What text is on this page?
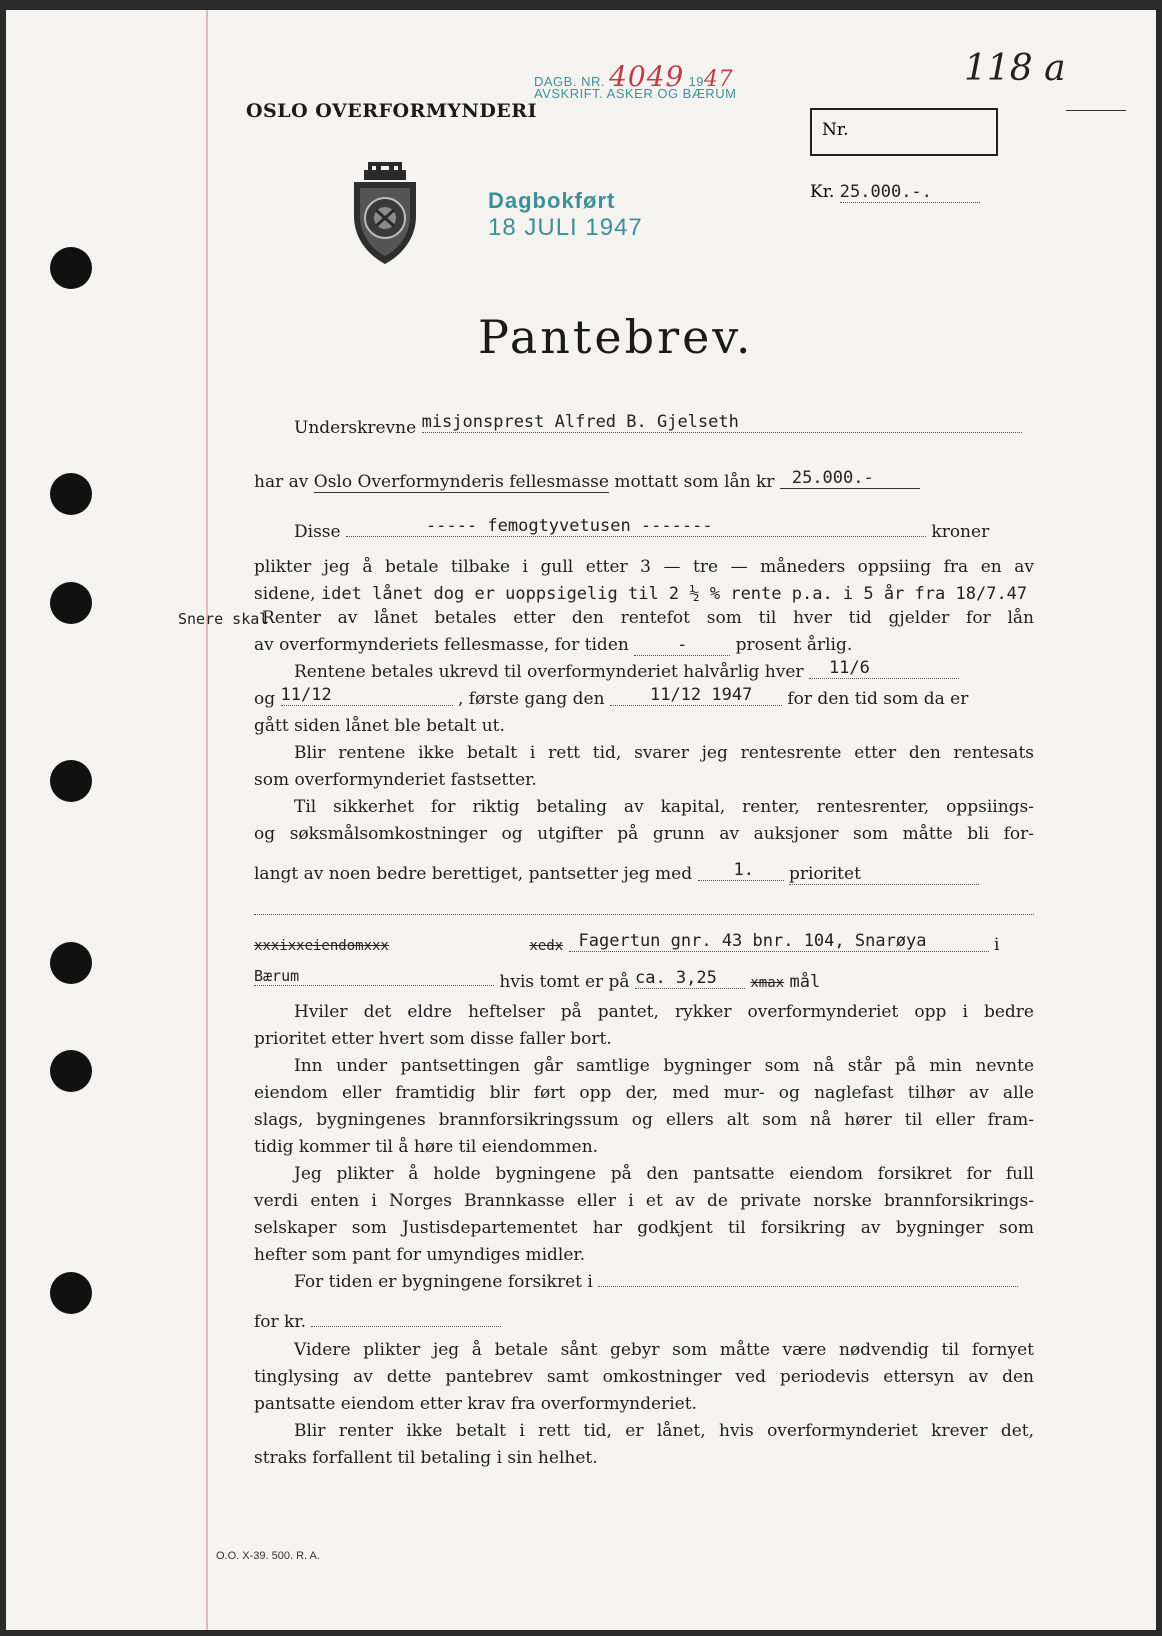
OSLO OVERFORMYNDERI
DAGB. NR. 4049 1947
AVSKRIFT. ASKER OG BÆRUM
118 a
Nr.
Kr. 25.000.-.
Dagbokført
18 JULI 1947
Pantebrev.
Underskrevne misjonsprest Alfred B. Gjelseth
har av Oslo Overformynderis fellesmasse mottatt som lån kr 25.000.-
Disse	----- femogtyvetusen -------	kroner
plikter jeg å betale tilbake i gull etter 3 — tre — måneders oppsiing fra en av
sidene, idet lånet dog er uoppsigelig til 2 ½ % rente p.a. i 5 år fra 18/7.47
Snere skal
Renter av lånet betales etter den rentefot som til hver tid gjelder for lån
av overformynderiets fellesmasse, for tiden	-	prosent årlig.
Rentene betales ukrevd til overformynderiet halvårlig hver 11/6
og 11/12	, første gang den	11/12 1947 for den tid som da er
gått siden lånet ble betalt ut.
Blir rentene ikke betalt i rett tid, svarer jeg rentesrente etter den rentesats
som overformynderiet fastsetter.
Til sikkerhet for riktig betaling av kapital, renter, rentesrenter, oppsiings-
og søksmålsomkostninger og utgifter på grunn av auksjoner som måtte bli for-
langt av noen bedre berettiget, pantsetter jeg med 1. prioritet
xxxixxeiendomxxx	xedx Fagertun gnr. 43 bnr. 104, Snarøya	i
Bærum	hvis tomt er på ca. 3,25 xmax mål
Hviler det eldre heftelser på pantet, rykker overformynderiet opp i bedre
prioritet etter hvert som disse faller bort.
Inn under pantsettingen går samtlige bygninger som nå står på min nevnte
eiendom eller framtidig blir ført opp der, med mur- og naglefast tilhør av alle
slags, bygningenes brannforsikringssum og ellers alt som nå hører til eller fram-
tidig kommer til å høre til eiendommen.
Jeg plikter å holde bygningene på den pantsatte eiendom forsikret for full
verdi enten i Norges Brannkasse eller i et av de private norske brannforsikrings-
selskaper som Justisdepartementet har godkjent til forsikring av bygninger som
hefter som pant for umyndiges midler.
For tiden er bygningene forsikret i
for kr.
Videre plikter jeg å betale sånt gebyr som måtte være nødvendig til fornyet
tinglysing av dette pantebrev samt omkostninger ved periodevis ettersyn av den
pantsatte eiendom etter krav fra overformynderiet.
Blir renter ikke betalt i rett tid, er lånet, hvis overformynderiet krever det,
straks forfallent til betaling i sin helhet.
O.O. X-39. 500. R. A.
